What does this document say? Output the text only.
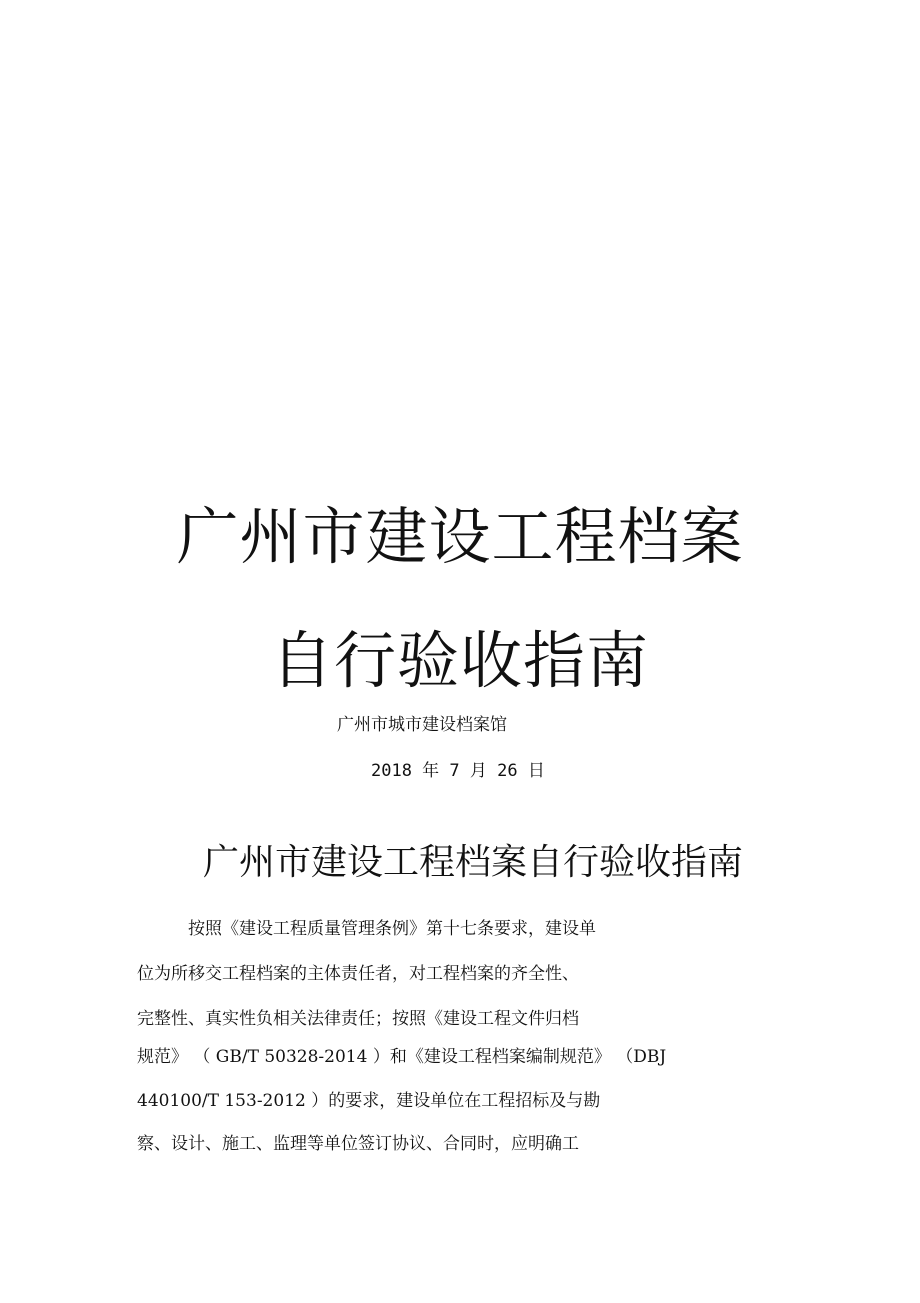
广州市建设工程档案
自行验收指南
广州市城市建设档案馆
2018 年 7 月 26 日
广州市建设工程档案自行验收指南
按照《建设工程质量管理条例》第十七条要求，建设单
位为所移交工程档案的主体责任者，对工程档案的齐全性、
完整性、真实性负相关法律责任；按照《建设工程文件归档
规范》 （ GB/T 50328-2014 ）和《建设工程档案编制规范》 （DBJ
440100/T 153-2012 ）的要求，建设单位在工程招标及与勘
察、设计、施工、监理等单位签订协议、合同时，应明确工
